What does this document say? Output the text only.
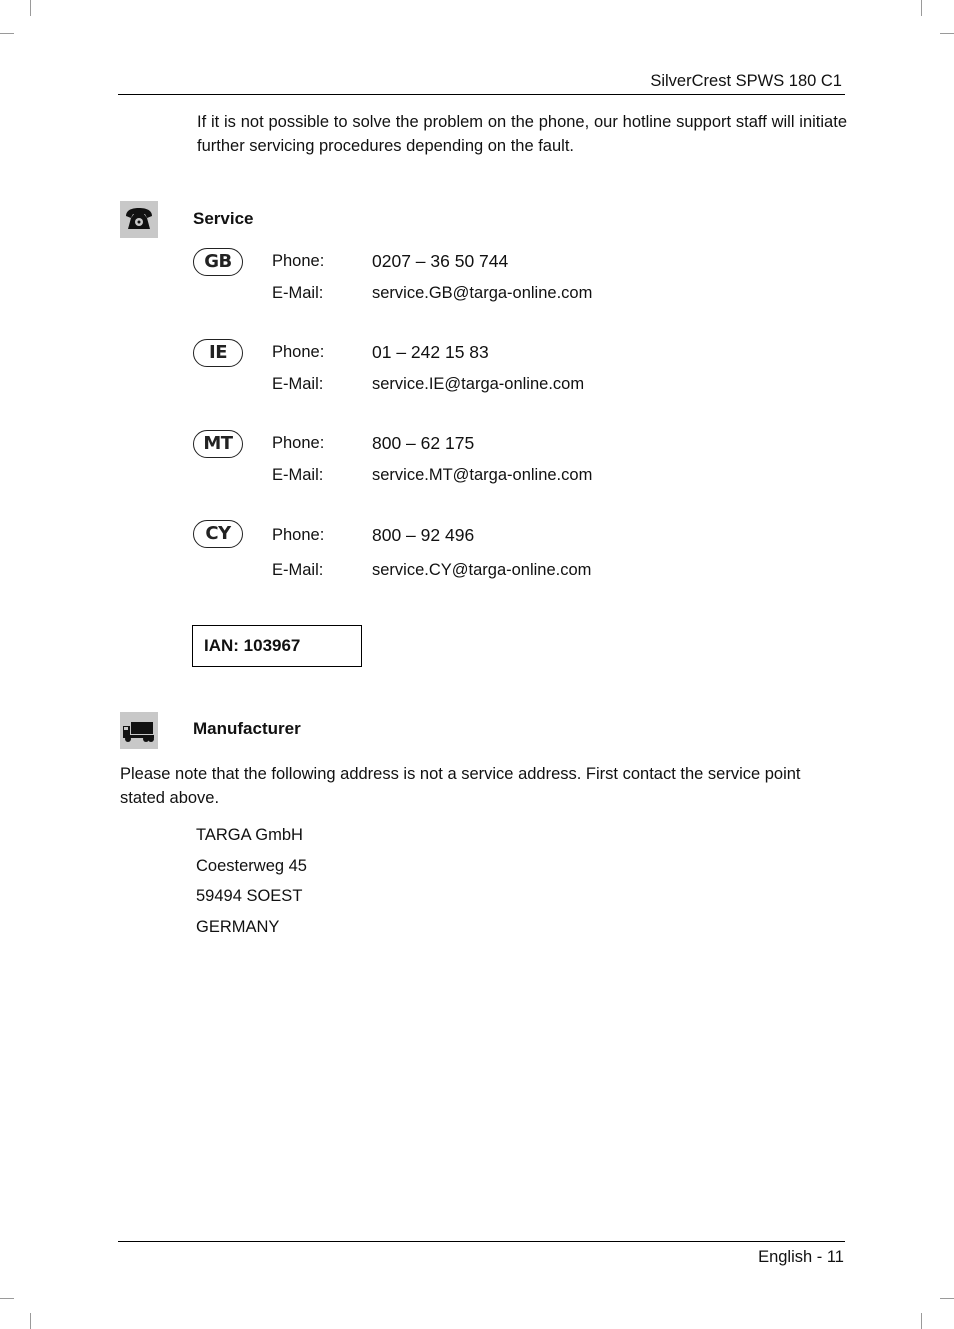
SilverCrest SPWS 180 C1
If it is not possible to solve the problem on the phone, our hotline support staff will initiate further servicing procedures depending on the fault.
Service
GB	Phone:	0207 – 36 50 744
E-Mail:	service.GB@targa-online.com
IE	Phone:	01 – 242 15 83
E-Mail:	service.IE@targa-online.com
MT	Phone:	800 – 62 175
E-Mail:	service.MT@targa-online.com
CY	Phone:	800 – 92 496
E-Mail:	service.CY@targa-online.com
IAN: 103967
Manufacturer
Please note that the following address is not a service address. First contact the service point stated above.
TARGA GmbH
Coesterweg 45
59494 SOEST
GERMANY
English - 11
